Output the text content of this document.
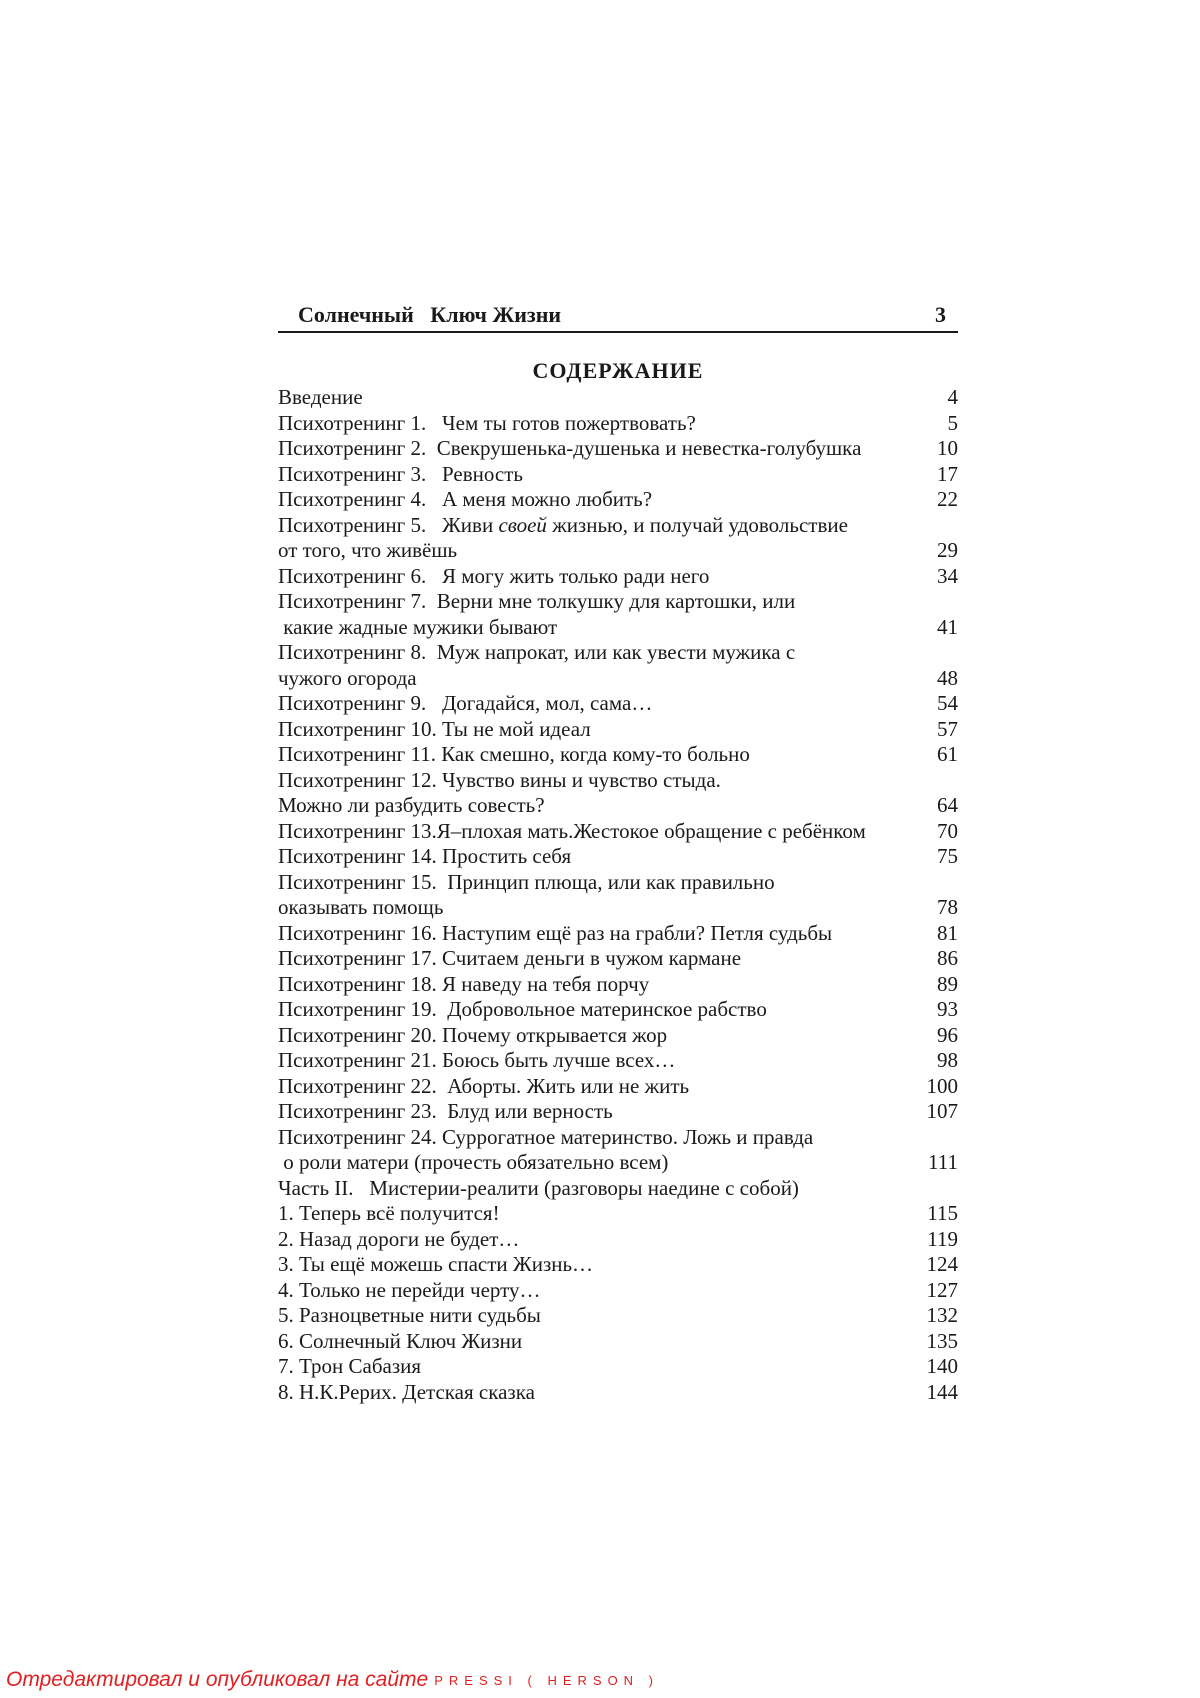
Солнечный   Ключ Жизни	3
СОДЕРЖАНИЕ
Введение	4
Психотренинг 1.   Чем ты готов пожертвовать?	5
Психотренинг 2.  Свекрушенька-душенька и невестка-голубушка	10
Психотренинг 3.   Ревность	17
Психотренинг 4.   А меня можно любить?	22
Психотренинг 5.   Живи своей жизнью, и получай удовольствие
от того, что живёшь	29
Психотренинг 6.   Я могу жить только ради него	34
Психотренинг 7.  Верни мне толкушку для картошки, или
какие жадные мужики бывают	41
Психотренинг 8.  Муж напрокат, или как увести мужика с
чужого огорода	48
Психотренинг 9.   Догадайся, мол, сама…	54
Психотренинг 10. Ты не мой идеал	57
Психотренинг 11. Как смешно, когда кому-то больно	61
Психотренинг 12. Чувство вины и чувство стыда.
Можно ли разбудить совесть?	64
Психотренинг 13.Я–плохая мать.Жестокое обращение с ребёнком	70
Психотренинг 14. Простить себя	75
Психотренинг 15.  Принцип плюща, или как правильно
оказывать помощь	78
Психотренинг 16. Наступим ещё раз на грабли? Петля судьбы	81
Психотренинг 17. Считаем деньги в чужом кармане	86
Психотренинг 18. Я наведу на тебя порчу	89
Психотренинг 19.  Добровольное материнское рабство	93
Психотренинг 20. Почему открывается жор	96
Психотренинг 21. Боюсь быть лучше всех…	98
Психотренинг 22.  Аборты. Жить или не жить	100
Психотренинг 23.  Блуд или верность	107
Психотренинг 24. Суррогатное материнство. Ложь и правда
о роли матери (прочесть обязательно всем)	111
Часть II.   Мистерии-реалити (разговоры наедине с собой)
1. Теперь всё получится!	115
2. Назад дороги не будет…	119
3. Ты ещё можешь спасти Жизнь…	124
4. Только не перейди черту…	127
5. Разноцветные нити судьбы	132
6. Солнечный Ключ Жизни	135
7. Трон Сабазия	140
8. Н.К.Рерих. Детская сказка	144
Отредактировал и опубликовал на сайте PRESSI ( HERSON )
